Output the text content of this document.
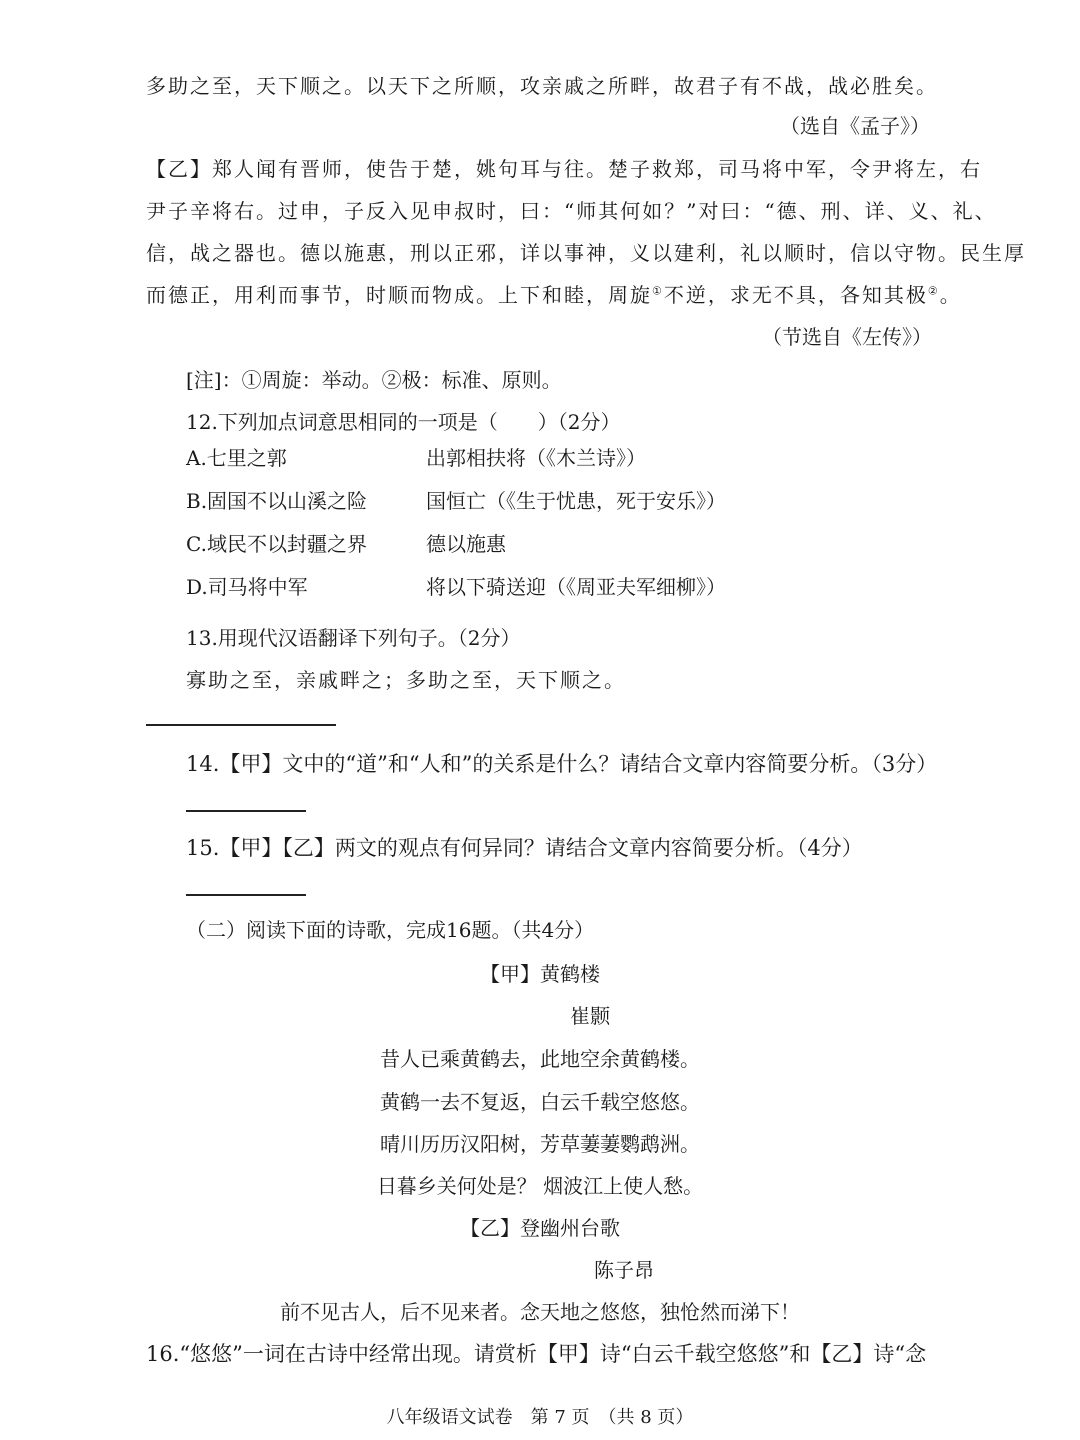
多助之至，天下顺之。以天下之所顺，攻亲戚之所畔，故君子有不战，战必胜矣。
（选自《孟子》）
【乙】郑人闻有晋师，使告于楚，姚句耳与往。楚子救郑，司马将中军，令尹将左，右
尹子辛将右。过申，子反入见申叔时，曰：“师其何如？”对曰：“德、刑、详、义、礼、
信，战之器也。德以施惠，刑以正邪，详以事神，义以建利，礼以顺时，信以守物。民生厚
而德正，用利而事节，时顺而物成。上下和睦，周旋①不逆，求无不具，各知其极②。
（节选自《左传》）
[注]：①周旋：举动。②极：标准、原则。
12.下列加点词意思相同的一项是（　　）（2分）
A.七里之郭	出郭相扶将（《木兰诗》）
B.固国不以山溪之险	国恒亡（《生于忧患，死于安乐》）
C.域民不以封疆之界	德以施惠
D.司马将中军	将以下骑送迎（《周亚夫军细柳》）
13.用现代汉语翻译下列句子。（2分）
寡助之至，亲戚畔之；多助之至，天下顺之。
14.【甲】文中的“道”和“人和”的关系是什么？请结合文章内容简要分析。（3分）
15.【甲】【乙】两文的观点有何异同？请结合文章内容简要分析。（4分）
（二）阅读下面的诗歌，完成16题。（共4分）
【甲】黄鹤楼
崔颢
昔人已乘黄鹤去，此地空余黄鹤楼。
黄鹤一去不复返，白云千载空悠悠。
晴川历历汉阳树，芳草萋萋鹦鹉洲。
日暮乡关何处是？ 烟波江上使人愁。
【乙】登幽州台歌
陈子昂
前不见古人，后不见来者。念天地之悠悠，独怆然而涕下！
16.“悠悠”一词在古诗中经常出现。请赏析【甲】诗“白云千载空悠悠”和【乙】诗“念
八年级语文试卷　第 7 页　（共 8 页）
